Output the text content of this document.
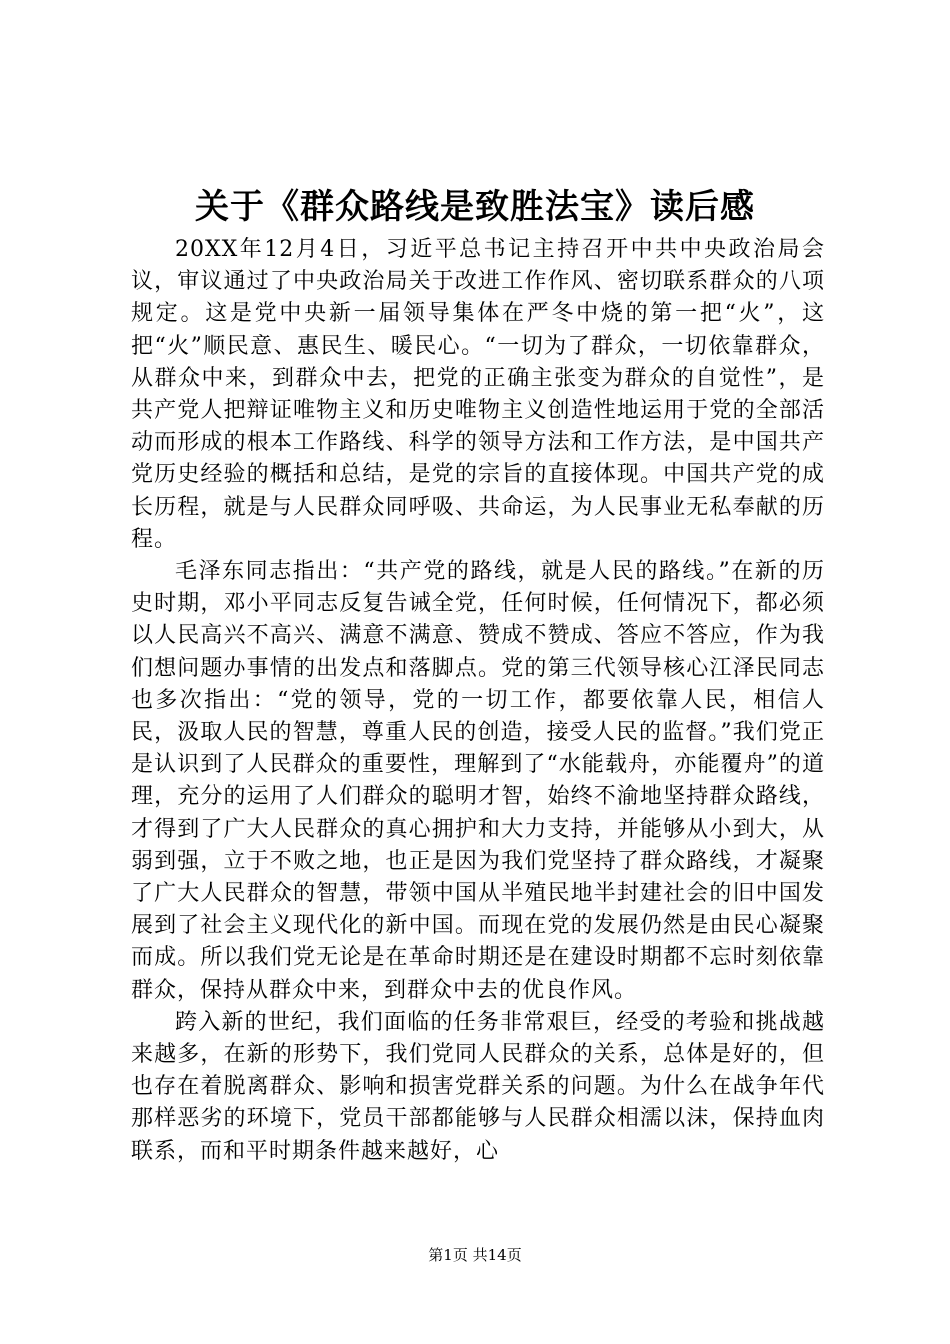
关于《群众路线是致胜法宝》读后感

20XX年12月4日，习近平总书记主持召开中共中央政治局会议，审议通过了中央政治局关于改进工作作风、密切联系群众的八项规定。这是党中央新一届领导集体在严冬中烧的第一把“火”，这把“火”顺民意、惠民生、暖民心。“一切为了群众，一切依靠群众，从群众中来，到群众中去，把党的正确主张变为群众的自觉性”，是共产党人把辩证唯物主义和历史唯物主义创造性地运用于党的全部活动而形成的根本工作路线、科学的领导方法和工作方法，是中国共产党历史经验的概括和总结，是党的宗旨的直接体现。中国共产党的成长历程，就是与人民群众同呼吸、共命运，为人民事业无私奉献的历程。

毛泽东同志指出：“共产党的路线，就是人民的路线。”在新的历史时期，邓小平同志反复告诫全党，任何时候，任何情况下，都必须以人民高兴不高兴、满意不满意、赞成不赞成、答应不答应，作为我们想问题办事情的出发点和落脚点。党的第三代领导核心江泽民同志也多次指出：“党的领导，党的一切工作，都要依靠人民，相信人民，汲取人民的智慧，尊重人民的创造，接受人民的监督。”我们党正是认识到了人民群众的重要性，理解到了“水能载舟，亦能覆舟”的道理，充分的运用了人们群众的聪明才智，始终不渝地坚持群众路线，才得到了广大人民群众的真心拥护和大力支持，并能够从小到大，从弱到强，立于不败之地，也正是因为我们党坚持了群众路线，才凝聚了广大人民群众的智慧，带领中国从半殖民地半封建社会的旧中国发展到了社会主义现代化的新中国。而现在党的发展仍然是由民心凝聚而成。所以我们党无论是在革命时期还是在建设时期都不忘时刻依靠群众，保持从群众中来，到群众中去的优良作风。

跨入新的世纪，我们面临的任务非常艰巨，经受的考验和挑战越来越多，在新的形势下，我们党同人民群众的关系，总体是好的，但也存在着脱离群众、影响和损害党群关系的问题。为什么在战争年代那样恶劣的环境下，党员干部都能够与人民群众相濡以沫，保持血肉联系，而和平时期条件越来越好，心

第1页 共14页
